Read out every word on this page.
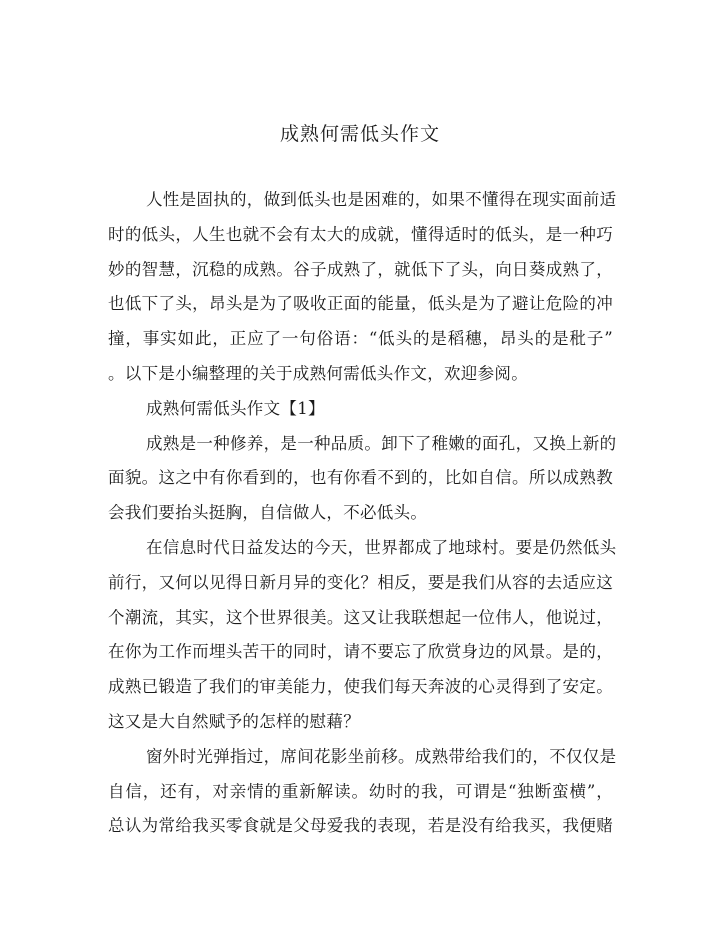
成熟何需低头作文
人性是固执的，做到低头也是困难的，如果不懂得在现实面前适
时的低头，人生也就不会有太大的成就，懂得适时的低头，是一种巧
妙的智慧，沉稳的成熟。谷子成熟了，就低下了头，向日葵成熟了，
也低下了头，昂头是为了吸收正面的能量，低头是为了避让危险的冲
撞，事实如此，正应了一句俗语：“低头的是稻穗，昂头的是秕子”
。以下是小编整理的关于成熟何需低头作文，欢迎参阅。
成熟何需低头作文【1】
成熟是一种修养，是一种品质。卸下了稚嫩的面孔，又换上新的
面貌。这之中有你看到的，也有你看不到的，比如自信。所以成熟教
会我们要抬头挺胸，自信做人，不必低头。
在信息时代日益发达的今天，世界都成了地球村。要是仍然低头
前行，又何以见得日新月异的变化？相反，要是我们从容的去适应这
个潮流，其实，这个世界很美。这又让我联想起一位伟人，他说过，
在你为工作而埋头苦干的同时，请不要忘了欣赏身边的风景。是的，
成熟已锻造了我们的审美能力，使我们每天奔波的心灵得到了安定。
这又是大自然赋予的怎样的慰藉？
窗外时光弹指过，席间花影坐前移。成熟带给我们的，不仅仅是
自信，还有，对亲情的重新解读。幼时的我，可谓是“独断蛮横”，
总认为常给我买零食就是父母爱我的表现，若是没有给我买，我便赌
